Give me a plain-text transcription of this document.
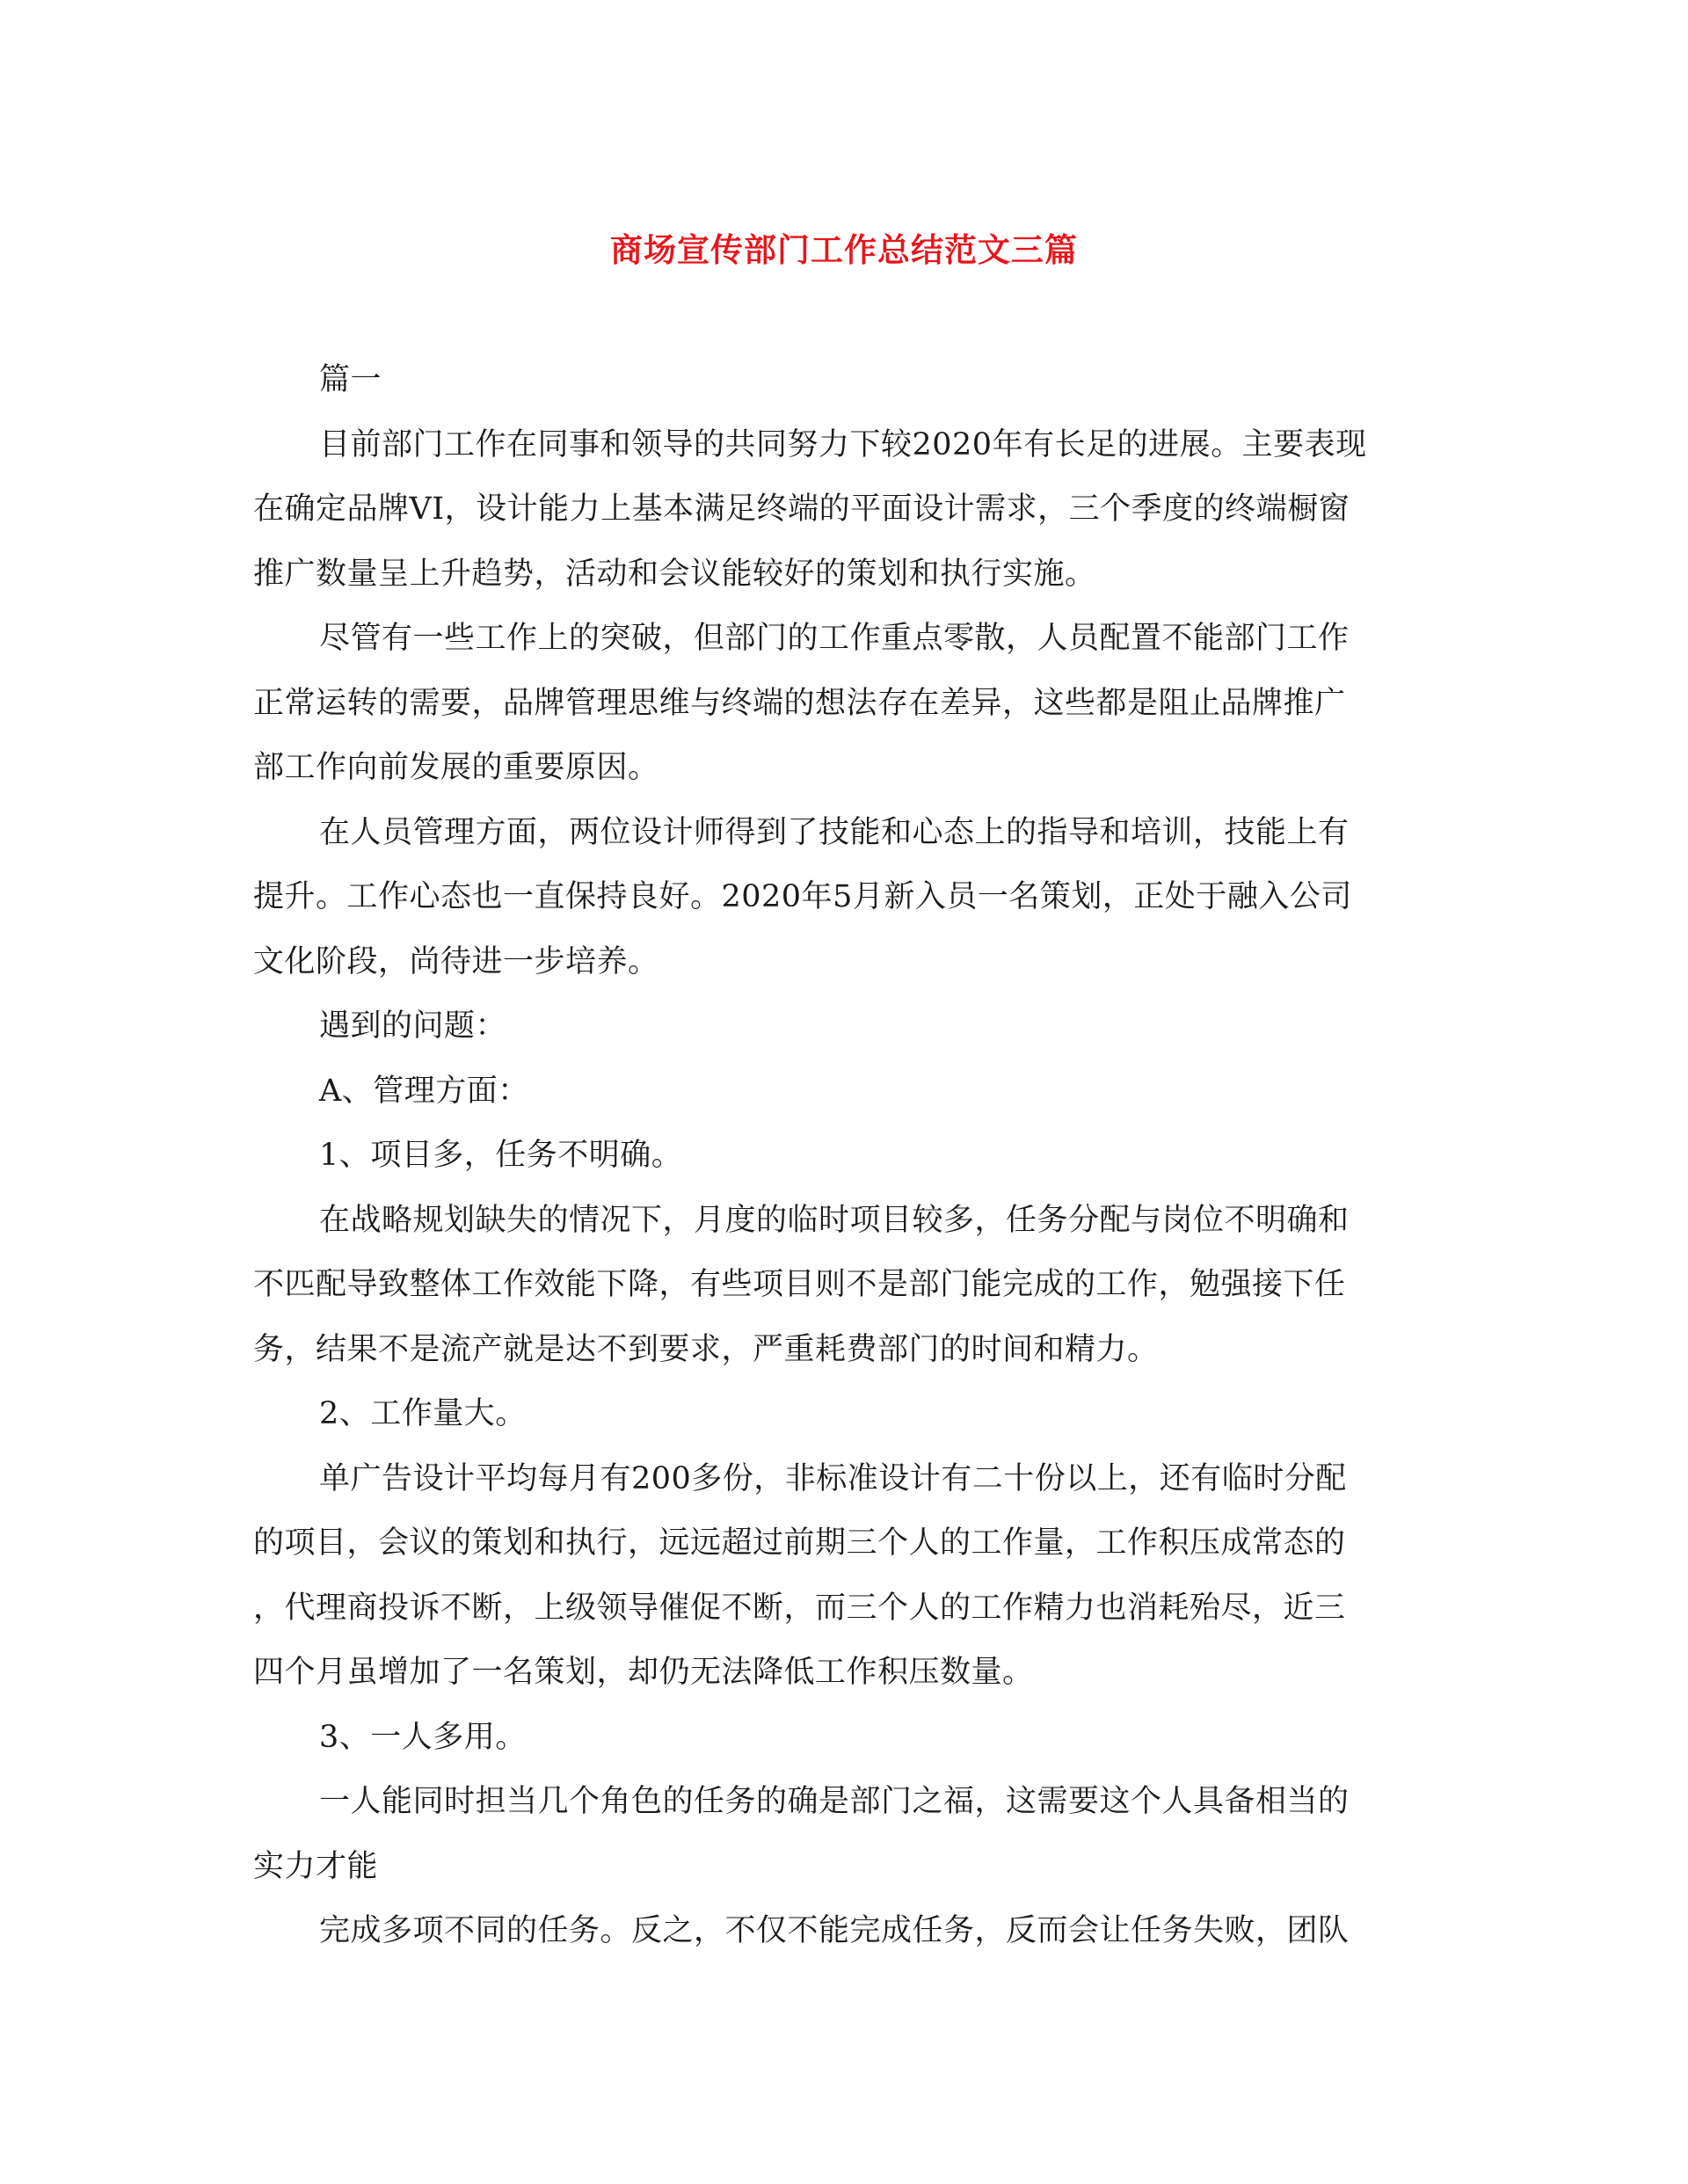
商场宣传部门工作总结范文三篇

篇一

目前部门工作在同事和领导的共同努力下较2020年有长足的进展。主要表现

在确定品牌VI，设计能力上基本满足终端的平面设计需求，三个季度的终端橱窗

推广数量呈上升趋势，活动和会议能较好的策划和执行实施。

尽管有一些工作上的突破，但部门的工作重点零散，人员配置不能部门工作

正常运转的需要，品牌管理思维与终端的想法存在差异，这些都是阻止品牌推广

部工作向前发展的重要原因。

在人员管理方面，两位设计师得到了技能和心态上的指导和培训，技能上有

提升。工作心态也一直保持良好。2020年5月新入员一名策划，正处于融入公司

文化阶段，尚待进一步培养。

遇到的问题：

A、管理方面：

1、项目多，任务不明确。

在战略规划缺失的情况下，月度的临时项目较多，任务分配与岗位不明确和

不匹配导致整体工作效能下降，有些项目则不是部门能完成的工作，勉强接下任

务，结果不是流产就是达不到要求，严重耗费部门的时间和精力。

2、工作量大。

单广告设计平均每月有200多份，非标准设计有二十份以上，还有临时分配

的项目，会议的策划和执行，远远超过前期三个人的工作量，工作积压成常态的

，代理商投诉不断，上级领导催促不断，而三个人的工作精力也消耗殆尽，近三

四个月虽增加了一名策划，却仍无法降低工作积压数量。

3、一人多用。

一人能同时担当几个角色的任务的确是部门之福，这需要这个人具备相当的

实力才能

完成多项不同的任务。反之，不仅不能完成任务，反而会让任务失败，团队
